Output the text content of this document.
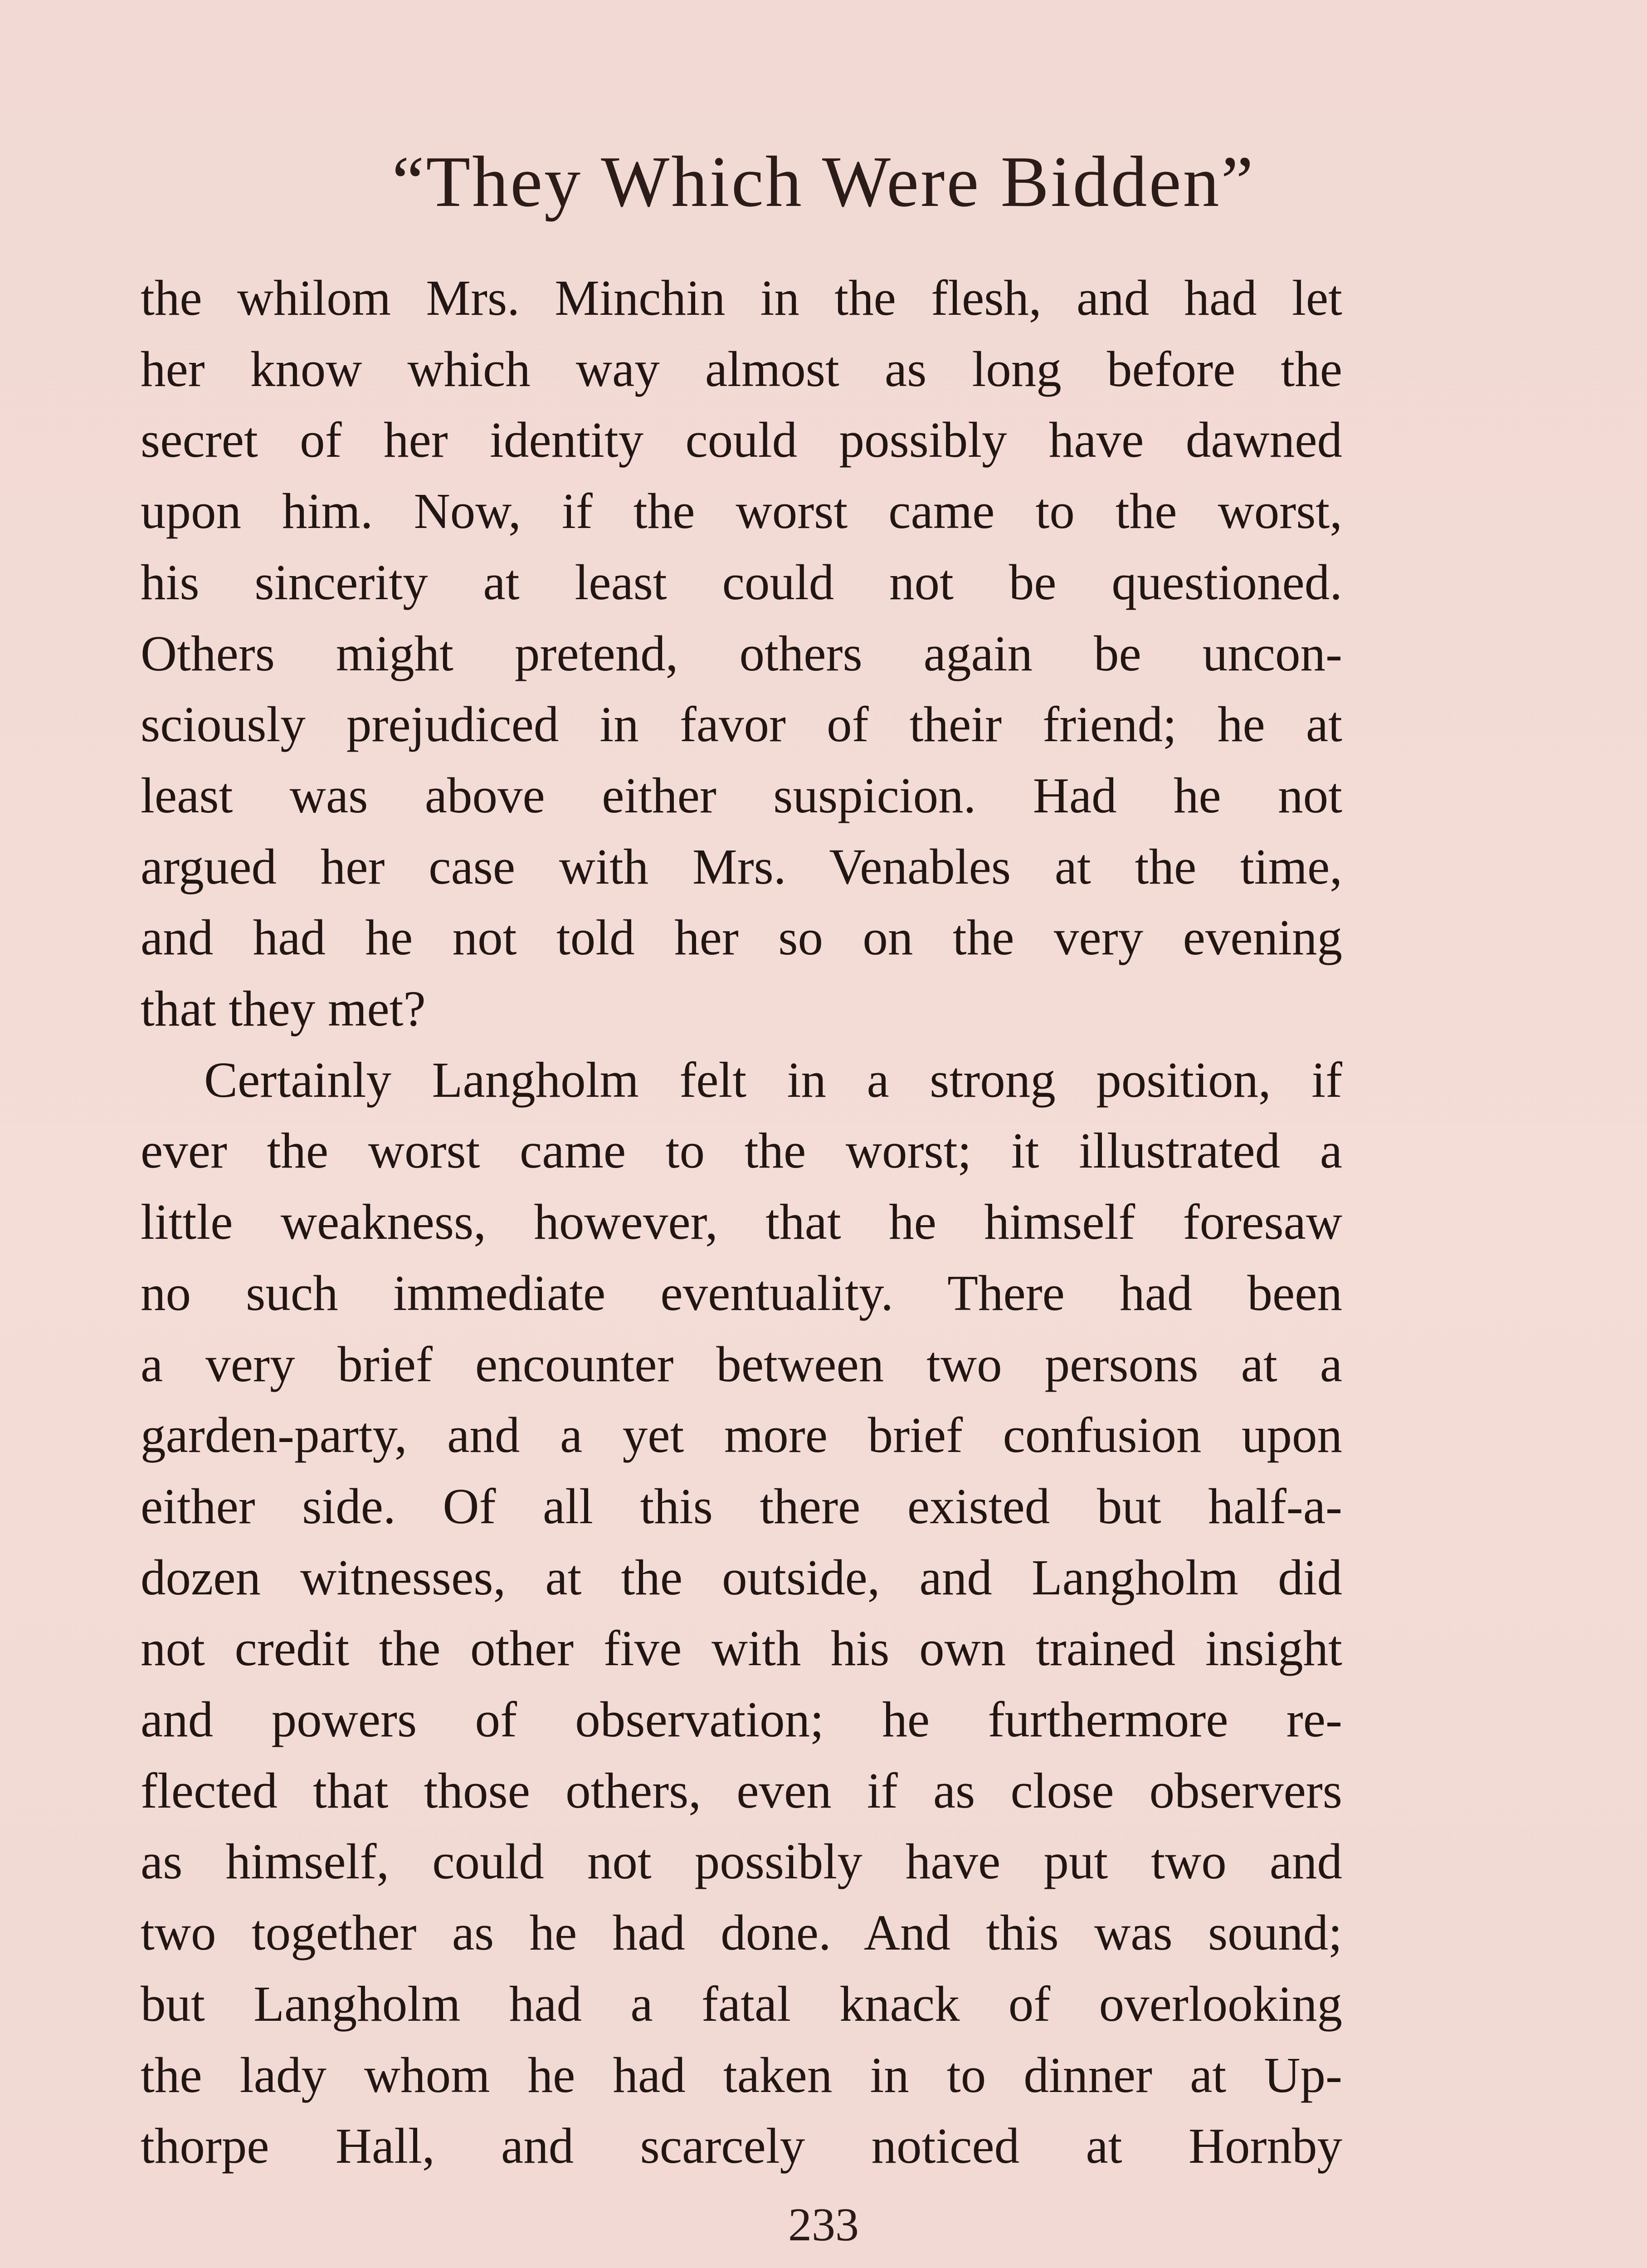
“They Which Were Bidden”

the whilom Mrs. Minchin in the flesh, and had let
her know which way almost as long before the
secret of her identity could possibly have dawned
upon him. Now, if the worst came to the worst,
his sincerity at least could not be questioned.
Others might pretend, others again be uncon-
sciously prejudiced in favor of their friend; he at
least was above either suspicion. Had he not
argued her case with Mrs. Venables at the time,
and had he not told her so on the very evening
that they met?

Certainly Langholm felt in a strong position, if
ever the worst came to the worst; it illustrated a
little weakness, however, that he himself foresaw
no such immediate eventuality. There had been
a very brief encounter between two persons at a
garden-party, and a yet more brief confusion upon
either side. Of all this there existed but half-a-
dozen witnesses, at the outside, and Langholm did
not credit the other five with his own trained insight
and powers of observation; he furthermore re-
flected that those others, even if as close observers
as himself, could not possibly have put two and
two together as he had done. And this was sound;
but Langholm had a fatal knack of overlooking
the lady whom he had taken in to dinner at Up-
thorpe Hall, and scarcely noticed at Hornby

233
